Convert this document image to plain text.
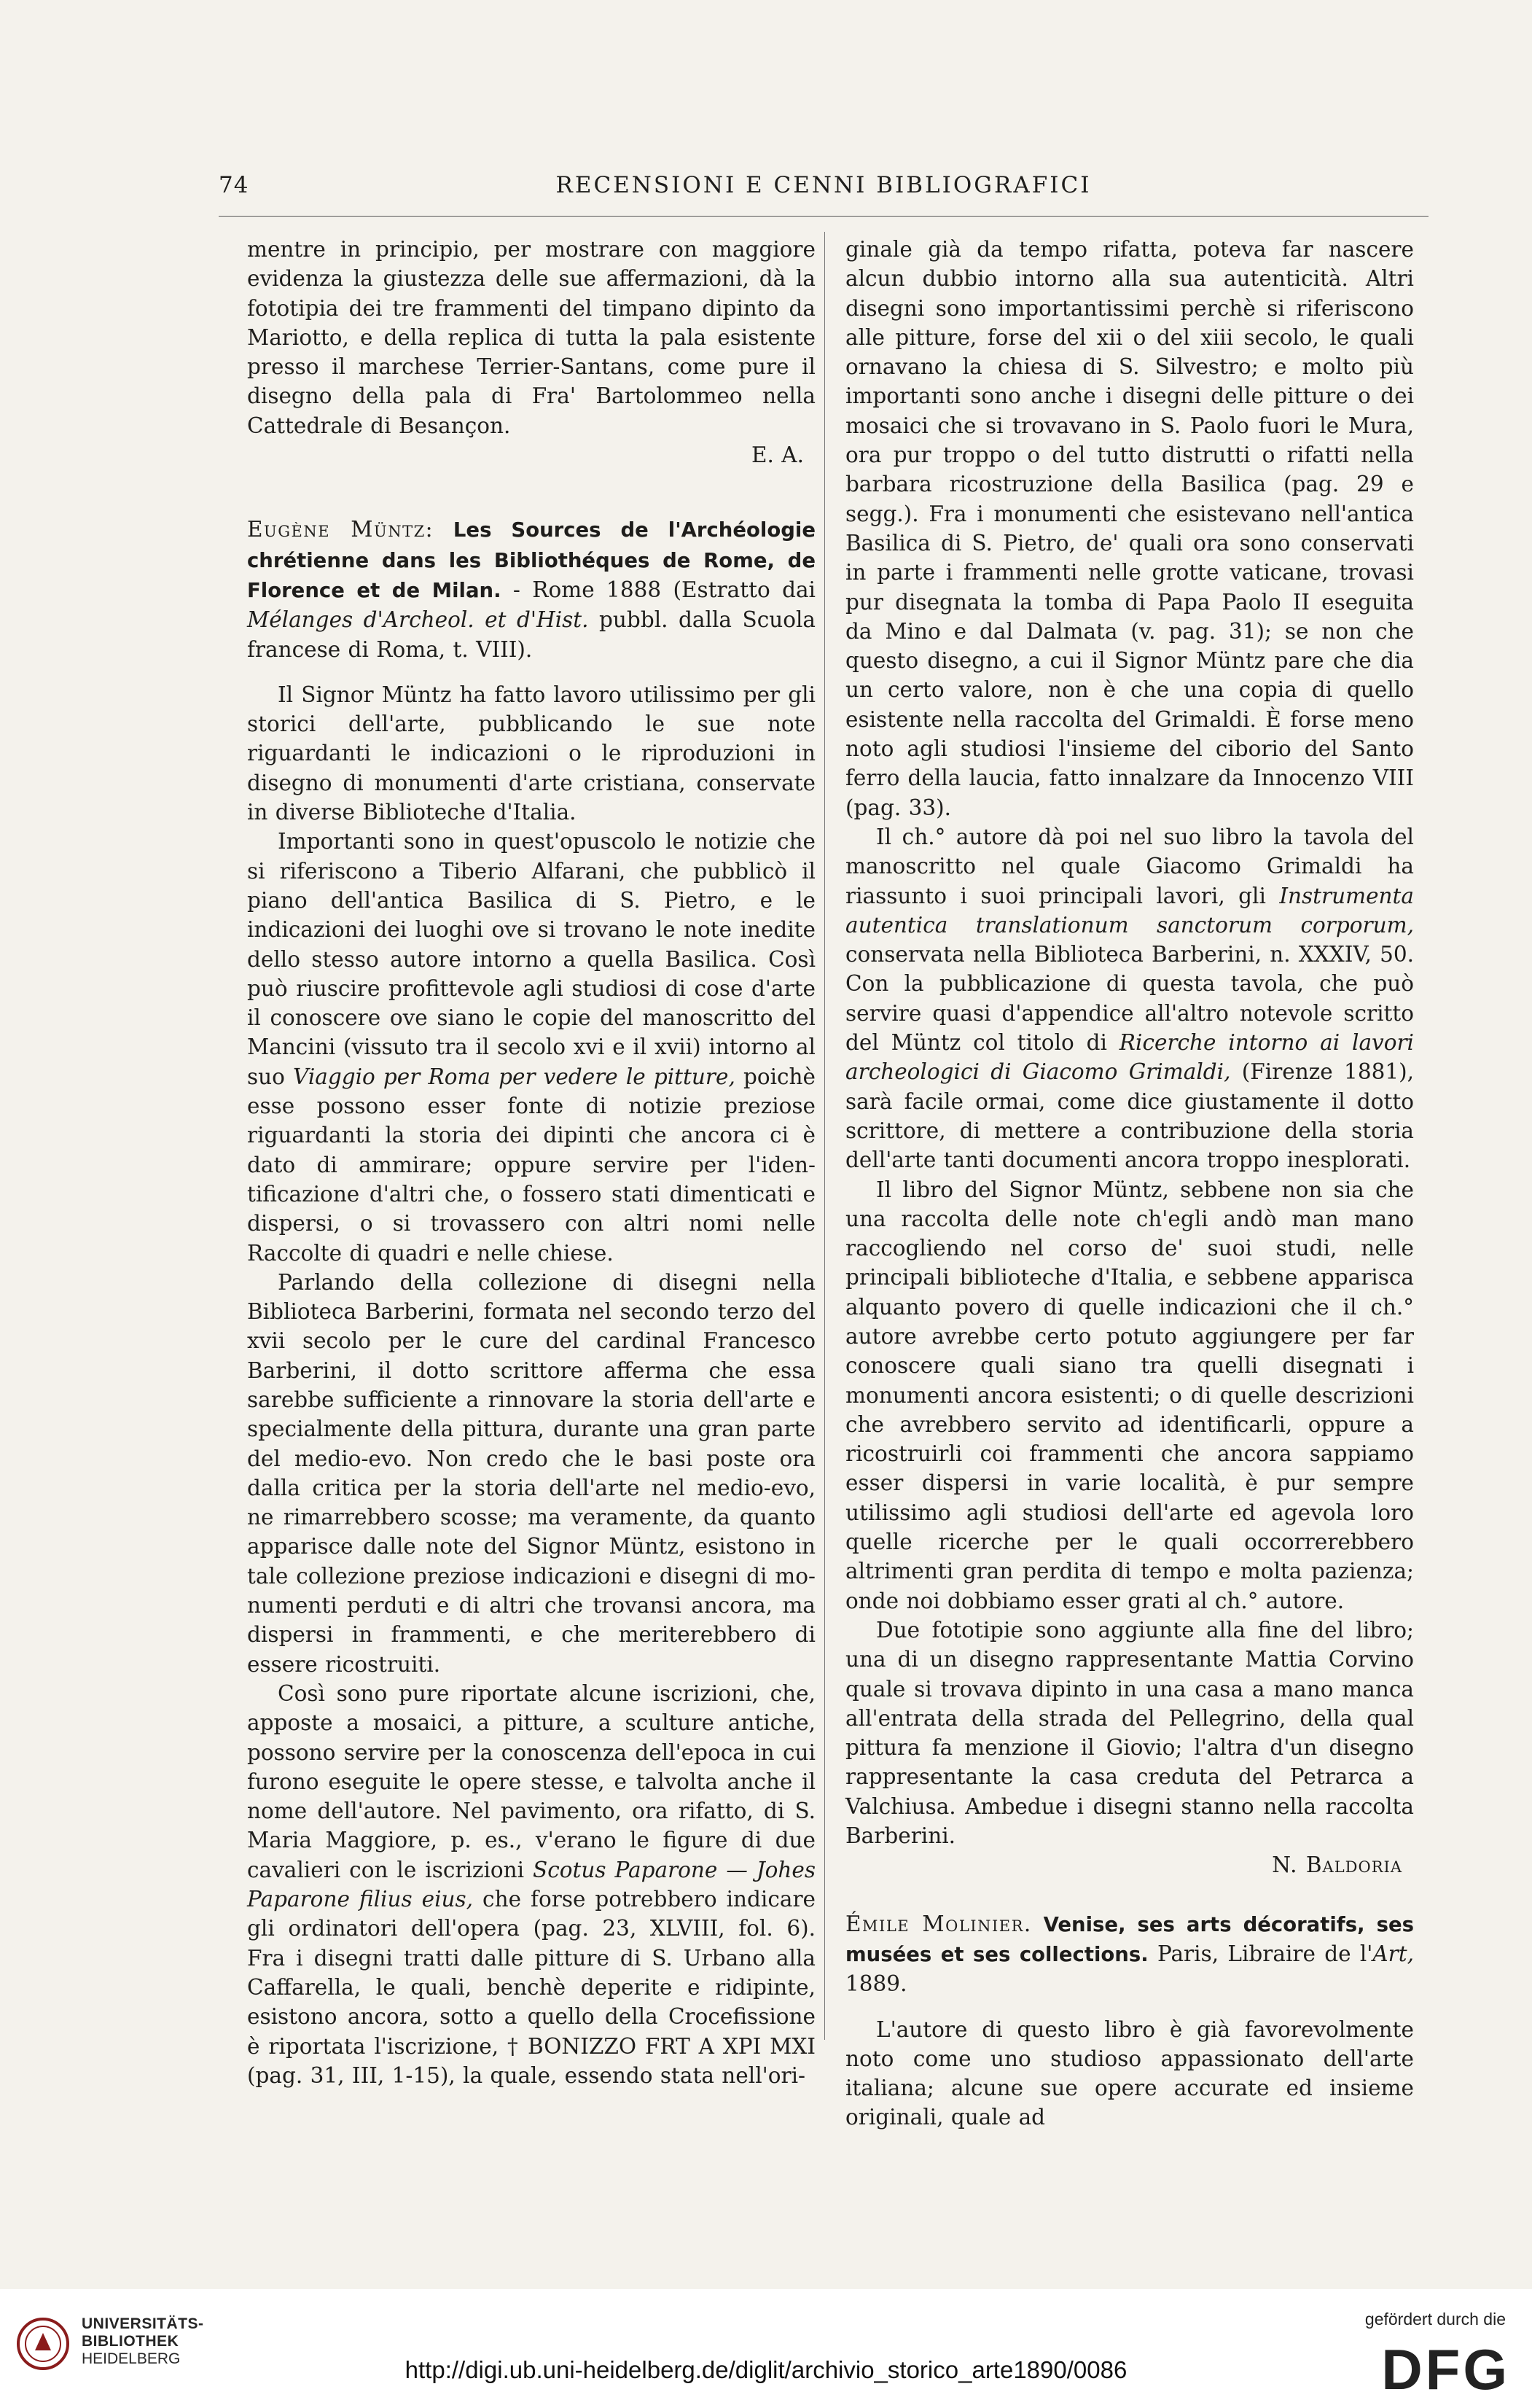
74	RECENSIONI E CENNI BIBLIOGRAFICI

mentre in principio, per mostrare con maggiore evidenza la giustezza delle sue affermazioni, dà la fototipia dei tre frammenti del timpano dipinto da Mariotto, e della replica di tutta la pala esistente presso il marchese Terrier-Santans, come pure il disegno della pala di Fra' Bartolommeo nella Cattedrale di Besançon.

E. A.

Eugène Müntz: Les Sources de l'Archéologie chrétienne dans les Bibliothéques de Rome, de Florence et de Milan. - Rome 1888 (Estratto dai Mélanges d'Archeol. et d'Hist. pubbl. dalla Scuola francese di Roma, t. VIII).

Il Signor Müntz ha fatto lavoro utilissimo per gli storici dell'arte, pubblicando le sue note riguardanti le indicazioni o le riproduzioni in disegno di monumenti d'arte cristiana, conservate in diverse Biblioteche d'Italia.

Importanti sono in quest'opuscolo le notizie che si riferiscono a Tiberio Alfarani, che pubblicò il piano dell'antica Basilica di S. Pietro, e le indicazioni dei luoghi ove si trovano le note inedite dello stesso autore intorno a quella Basilica. Così può riuscire profittevole agli studiosi di cose d'arte il conoscere ove siano le copie del manoscritto del Mancini (vissuto tra il secolo xvi e il xvii) intorno al suo Viaggio per Roma per vedere le pitture, poichè esse possono esser fonte di notizie preziose riguardanti la storia dei dipinti che ancora ci è dato di ammirare; oppure servire per l'identificazione d'altri che, o fossero stati dimenticati e dispersi, o si trovassero con altri nomi nelle Raccolte di quadri e nelle chiese.

Parlando della collezione di disegni nella Biblioteca Barberini, formata nel secondo terzo del xvii secolo per le cure del cardinal Francesco Barberini, il dotto scrittore afferma che essa sarebbe sufficiente a rinnovare la storia dell'arte e specialmente della pittura, durante una gran parte del medio-evo. Non credo che le basi poste ora dalla critica per la storia dell'arte nel medio-evo, ne rimarrebbero scosse; ma veramente, da quanto apparisce dalle note del Signor Müntz, esistono in tale collezione preziose indicazioni e disegni di monumenti perduti e di altri che trovansi ancora, ma dispersi in frammenti, e che meriterebbero di essere ricostruiti.

Così sono pure riportate alcune iscrizioni, che, apposte a mosaici, a pitture, a sculture antiche, possono servire per la conoscenza dell'epoca in cui furono eseguite le opere stesse, e talvolta anche il nome dell'autore. Nel pavimento, ora rifatto, di S. Maria Maggiore, p. es., v'erano le figure di due cavalieri con le iscrizioni Scotus Paparone — Johes Paparone filius eius, che forse potrebbero indicare gli ordinatori dell'opera (pag. 23, XLVIII, fol. 6). Fra i disegni tratti dalle pitture di S. Urbano alla Caffarella, le quali, benchè deperite e ridipinte, esistono ancora, sotto a quello della Crocefissione è riportata l'iscrizione, † BONIZZO FRT A XPI MXI (pag. 31, III, 1-15), la quale, essendo stata nell'ori-

ginale già da tempo rifatta, poteva far nascere alcun dubbio intorno alla sua autenticità. Altri disegni sono importantissimi perchè si riferiscono alle pitture, forse del xii o del xiii secolo, le quali ornavano la chiesa di S. Silvestro; e molto più importanti sono anche i disegni delle pitture o dei mosaici che si trovavano in S. Paolo fuori le Mura, ora pur troppo o del tutto distrutti o rifatti nella barbara ricostruzione della Basilica (pag. 29 e segg.). Fra i monumenti che esistevano nell'antica Basilica di S. Pietro, de' quali ora sono conservati in parte i frammenti nelle grotte vaticane, trovasi pur disegnata la tomba di Papa Paolo II eseguita da Mino e dal Dalmata (v. pag. 31); se non che questo disegno, a cui il Signor Müntz pare che dia un certo valore, non è che una copia di quello esistente nella raccolta del Grimaldi. È forse meno noto agli studiosi l'insieme del ciborio del Santo ferro della laucia, fatto innalzare da Innocenzo VIII (pag. 33).

Il ch.° autore dà poi nel suo libro la tavola del manoscritto nel quale Giacomo Grimaldi ha riassunto i suoi principali lavori, gli Instrumenta autentica translationum sanctorum corporum, conservata nella Biblioteca Barberini, n. XXXIV, 50. Con la pubblicazione di questa tavola, che può servire quasi d'appendice all'altro notevole scritto del Müntz col titolo di Ricerche intorno ai lavori archeologici di Giacomo Grimaldi, (Firenze 1881), sarà facile ormai, come dice giustamente il dotto scrittore, di mettere a contribuzione della storia dell'arte tanti documenti ancora troppo inesplorati.

Il libro del Signor Müntz, sebbene non sia che una raccolta delle note ch'egli andò man mano raccogliendo nel corso de' suoi studi, nelle principali biblioteche d'Italia, e sebbene apparisca alquanto povero di quelle indicazioni che il ch.° autore avrebbe certo potuto aggiungere per far conoscere quali siano tra quelli disegnati i monumenti ancora esistenti; o di quelle descrizioni che avrebbero servito ad identificarli, oppure a ricostruirli coi frammenti che ancora sappiamo esser dispersi in varie località, è pur sempre utilissimo agli studiosi dell'arte ed agevola loro quelle ricerche per le quali occorrerebbero altrimenti gran perdita di tempo e molta pazienza; onde noi dobbiamo esser grati al ch.° autore.

Due fototipie sono aggiunte alla fine del libro; una di un disegno rappresentante Mattia Corvino quale si trovava dipinto in una casa a mano manca all'entrata della strada del Pellegrino, della qual pittura fa menzione il Giovio; l'altra d'un disegno rappresentante la casa creduta del Petrarca a Valchiusa. Ambedue i disegni stanno nella raccolta Barberini.

N. Baldoria

Émile Molinier. Venise, ses arts décoratifs, ses musées et ses collections. Paris, Libraire de l'Art, 1889.

L'autore di questo libro è già favorevolmente noto come uno studioso appassionato dell'arte italiana; alcune sue opere accurate ed insieme originali, quale ad

UNIVERSITÄTS-
BIBLIOTHEK
HEIDELBERG	http://digi.ub.uni-heidelberg.de/diglit/archivio_storico_arte1890/0086
gefördert durch die
DFG
